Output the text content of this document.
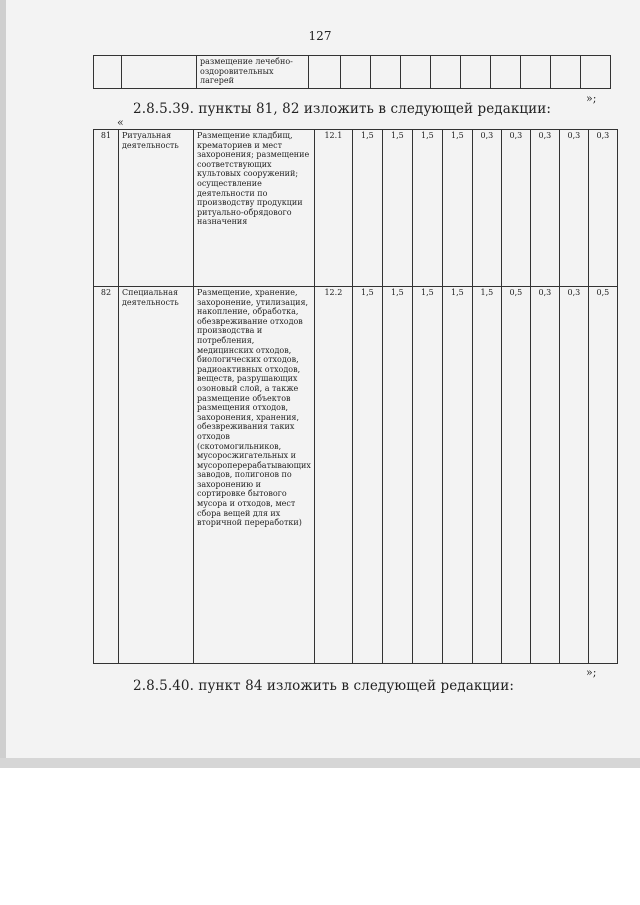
127
		размещение лечебно-оздоровительных лагерей										
»;
2.8.5.39. пункты 81, 82 изложить в следующей редакции:
«
81	Ритуальная деятельность	Размещение кладбищ, крематориев и мест захоронения; размещение соответствующих культовых сооружений; осуществление деятельности по производству продукции ритуально-обрядового назначения	12.1	1,5	1,5	1,5	1,5	0,3	0,3	0,3	0,3	0,3
82	Специальная деятельность	Размещение, хранение, захоронение, утилизация, накопление, обработка, обезвреживание отходов производства и потребления, медицинских отходов, биологических отходов, радиоактивных отходов, веществ, разрушающих озоновый слой, а также размещение объектов размещения отходов, захоронения, хранения, обезвреживания таких отходов (скотомогильников, мусоросжигательных и мусороперерабатывающих заводов, полигонов по захоронению и сортировке бытового мусора и отходов, мест сбора вещей для их вторичной переработки)	12.2	1,5	1,5	1,5	1,5	1,5	0,5	0,3	0,3	0,5
»;
2.8.5.40. пункт 84 изложить в следующей редакции:
